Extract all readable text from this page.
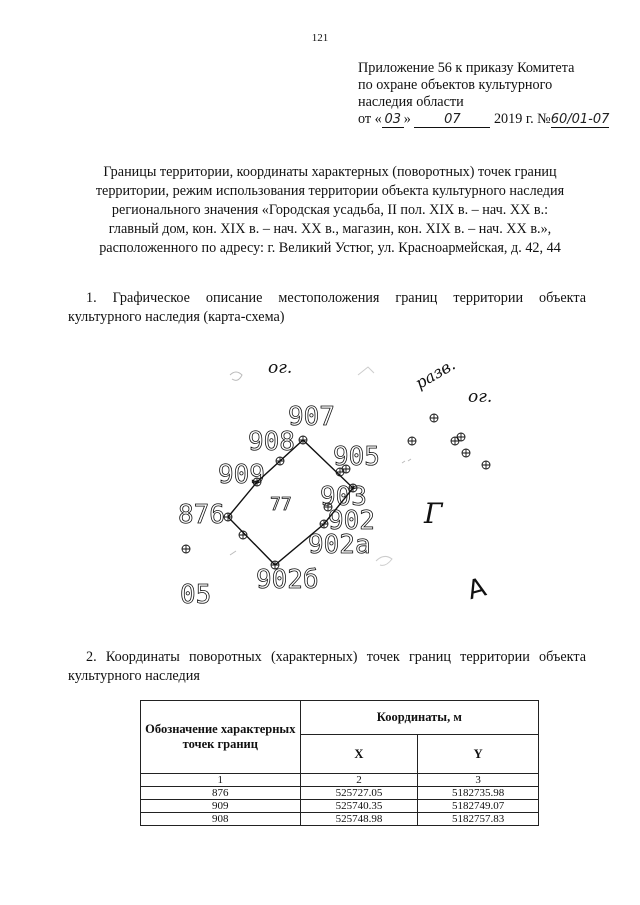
121
Приложение 56 к приказу Комитета
по охране объектов культурного
наследия области
от « 03 »	07 2019 г. №60/01-07
Границы территории, координаты характерных (поворотных) точек границ
территории, режим использования территории объекта культурного наследия
регионального значения «Городская усадьба, II пол. XIX в. – нач. XX в.:
главный дом, кон. XIX в. – нач. XX в., магазин, кон. XIX в. – нач. XX в.»,
расположенного по адресу: г. Великий Устюг, ул. Красноармейская, д. 42, 44
1. Графическое описание местоположения границ территории объекта
культурного наследия (карта-схема)
ог.
ог.
разв.
907
908 905
909
876	77 903
902
902а
902б
05
Г
А
2. Координаты поворотных (характерных) точек границ территории объекта
культурного наследия
Обозначение характерных точек границ	Координаты, м	
	X	Y
1	2	3
876	525727.05	5182735.98
909	525740.35	5182749.07
908	525748.98	5182757.83
